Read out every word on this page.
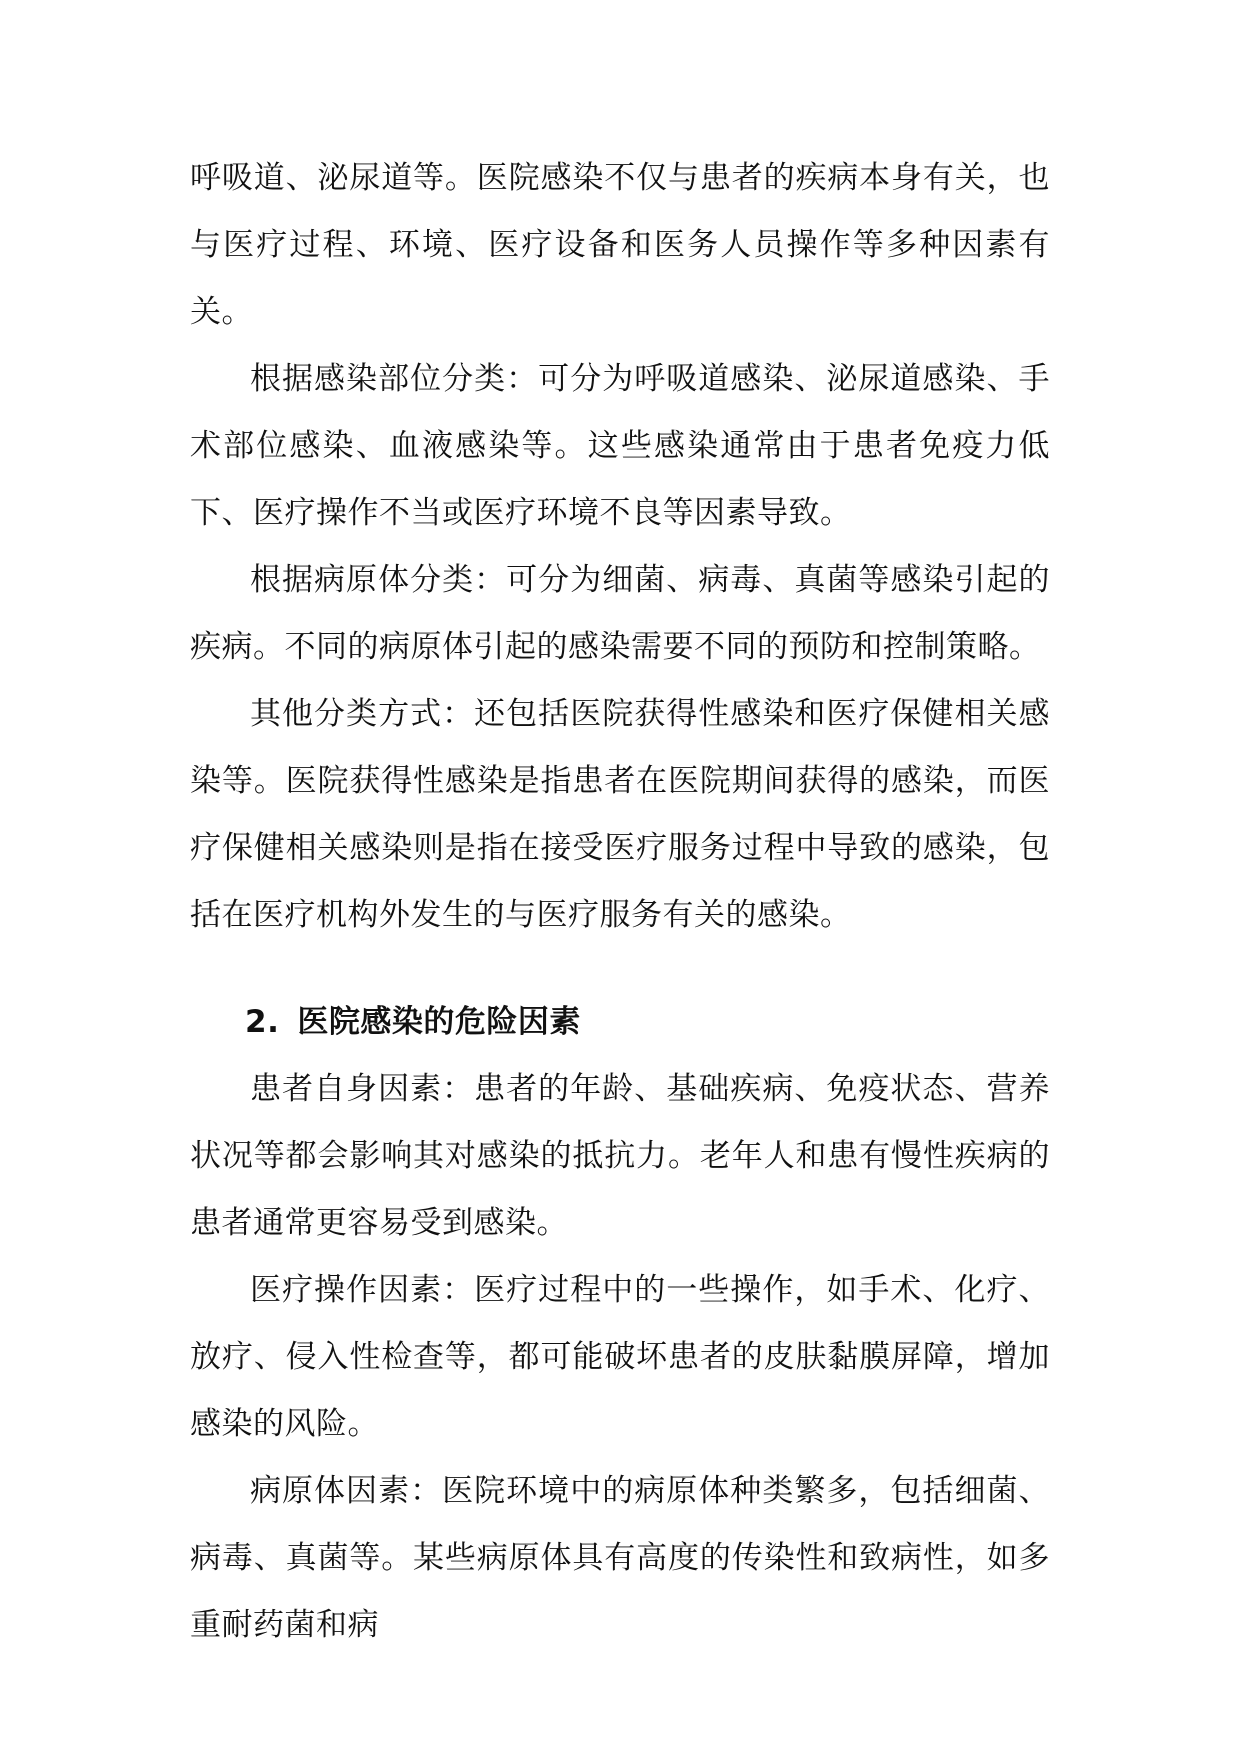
呼吸道、泌尿道等。医院感染不仅与患者的疾病本身有关，也与医疗过程、环境、医疗设备和医务人员操作等多种因素有关。

根据感染部位分类：可分为呼吸道感染、泌尿道感染、手术部位感染、血液感染等。这些感染通常由于患者免疫力低下、医疗操作不当或医疗环境不良等因素导致。

根据病原体分类：可分为细菌、病毒、真菌等感染引起的疾病。不同的病原体引起的感染需要不同的预防和控制策略。

其他分类方式：还包括医院获得性感染和医疗保健相关感染等。医院获得性感染是指患者在医院期间获得的感染，而医疗保健相关感染则是指在接受医疗服务过程中导致的感染，包括在医疗机构外发生的与医疗服务有关的感染。

2. 医院感染的危险因素

患者自身因素：患者的年龄、基础疾病、免疫状态、营养状况等都会影响其对感染的抵抗力。老年人和患有慢性疾病的患者通常更容易受到感染。

医疗操作因素：医疗过程中的一些操作，如手术、化疗、放疗、侵入性检查等，都可能破坏患者的皮肤黏膜屏障，增加感染的风险。

病原体因素：医院环境中的病原体种类繁多，包括细菌、病毒、真菌等。某些病原体具有高度的传染性和致病性，如多重耐药菌和病
